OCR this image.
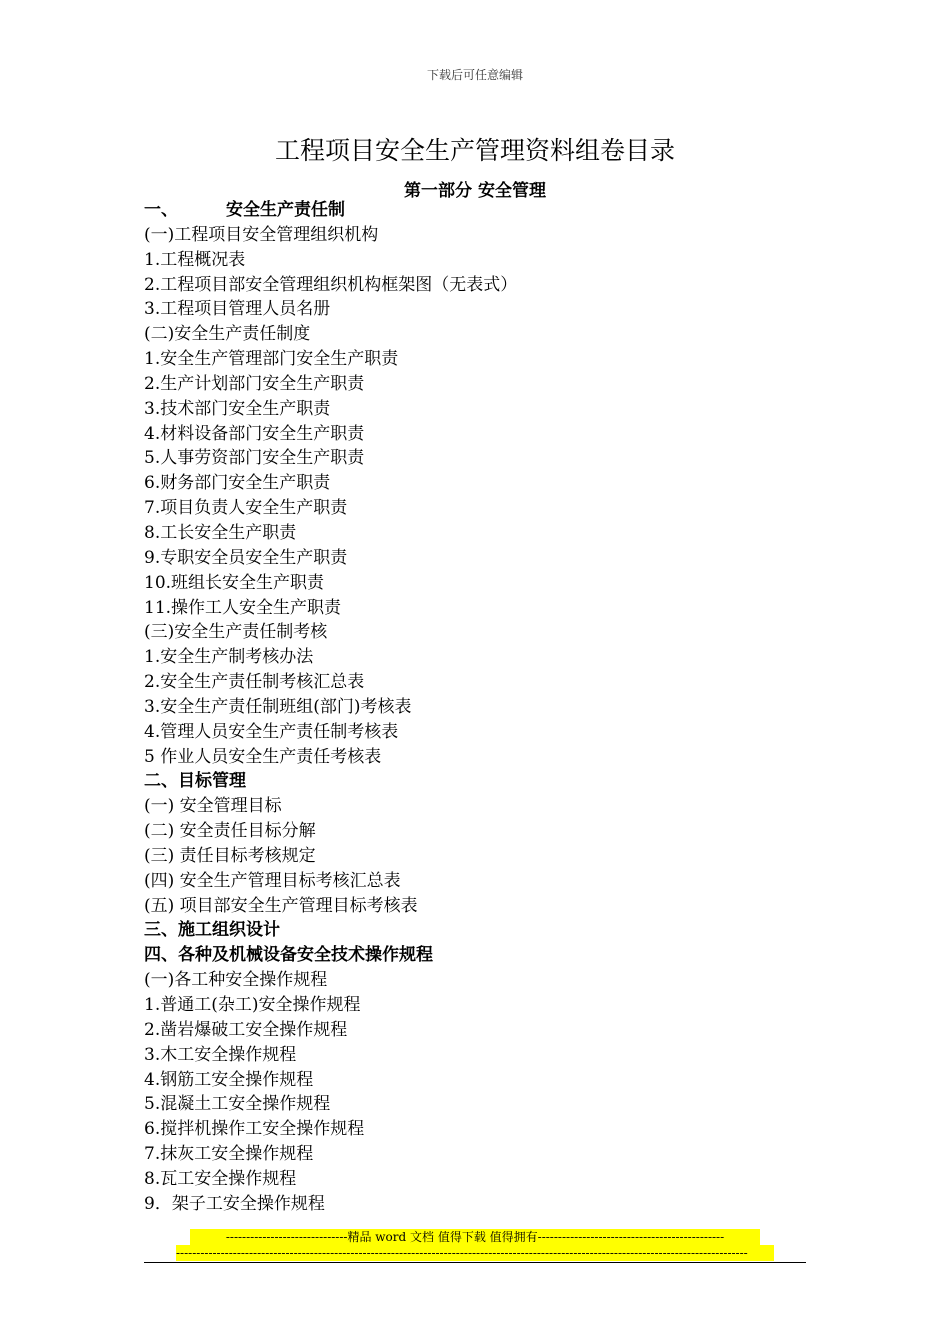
下载后可任意编辑
工程项目安全生产管理资料组卷目录
第一部分 安全管理
一、	安全生产责任制
(一)工程项目安全管理组织机构
1.工程概况表
2.工程项目部安全管理组织机构框架图（无表式）
3.工程项目管理人员名册
(二)安全生产责任制度
1.安全生产管理部门安全生产职责
2.生产计划部门安全生产职责
3.技术部门安全生产职责
4.材料设备部门安全生产职责
5.人事劳资部门安全生产职责
6.财务部门安全生产职责
7.项目负责人安全生产职责
8.工长安全生产职责
9.专职安全员安全生产职责
10.班组长安全生产职责
11.操作工人安全生产职责
(三)安全生产责任制考核
1.安全生产制考核办法
2.安全生产责任制考核汇总表
3.安全生产责任制班组(部门)考核表
4.管理人员安全生产责任制考核表
5 作业人员安全生产责任考核表
二、目标管理
(一) 安全管理目标
(二) 安全责任目标分解
(三) 责任目标考核规定
(四) 安全生产管理目标考核汇总表
(五) 项目部安全生产管理目标考核表
三、施工组织设计
四、各种及机械设备安全技术操作规程
(一)各工种安全操作规程
1.普通工(杂工)安全操作规程
2.凿岩爆破工安全操作规程
3.木工安全操作规程
4.钢筋工安全操作规程
5.混凝土工安全操作规程
6.搅拌机操作工安全操作规程
7.抹灰工安全操作规程
8.瓦工安全操作规程
9．架子工安全操作规程
------------------------------精品 word 文档 值得下载 值得拥有----------------------------------------------
---------------------------------------------------------------------------------------------------------------------------------------------
